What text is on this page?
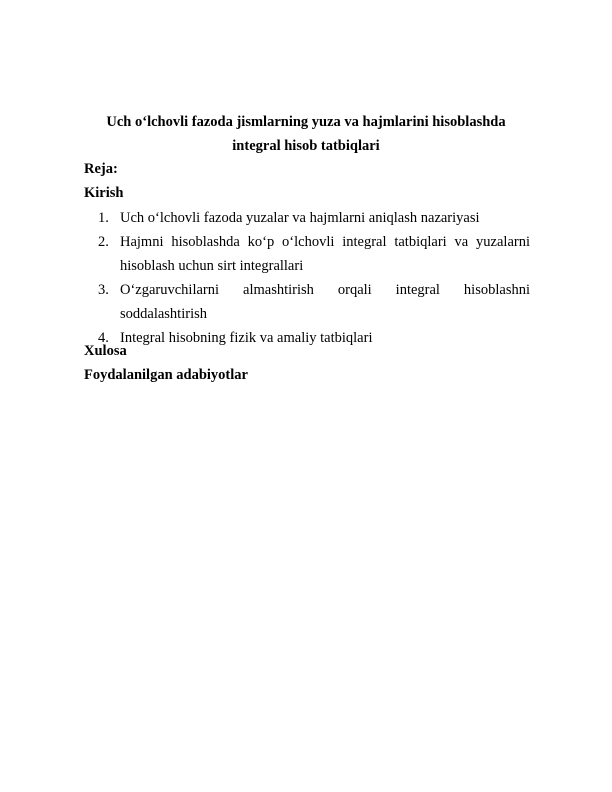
Uch o‘lchovli fazoda jismlarning yuza va hajmlarini hisoblashda integral hisob tatbiqlari

Reja:

Kirish

1. Uch o‘lchovli fazoda yuzalar va hajmlarni aniqlash nazariyasi
2. Hajmni hisoblashda ko‘p o‘lchovli integral tatbiqlari va yuzalarni hisoblash uchun sirt integrallari
3. O‘zgaruvchilarni almashtirish orqali integral hisoblashni soddalashtirish
4. Integral hisobning fizik va amaliy tatbiqlari

Xulosa

Foydalanilgan adabiyotlar
